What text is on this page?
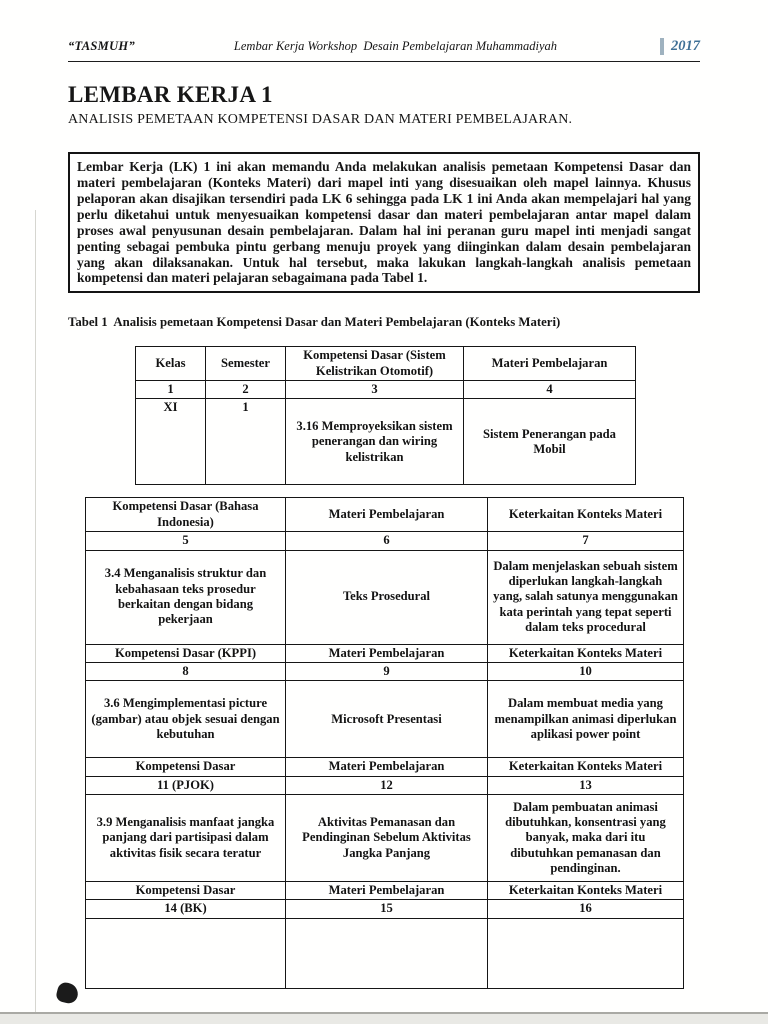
“TASMUH”	Lembar Kerja Workshop  Desain Pembelajaran Muhammadiyah	2017
LEMBAR KERJA 1
ANALISIS PEMETAAN KOMPETENSI DASAR DAN MATERI PEMBELAJARAN.
Lembar Kerja (LK) 1 ini akan memandu Anda melakukan analisis pemetaan Kompetensi Dasar dan materi pembelajaran (Konteks Materi) dari mapel inti yang disesuaikan oleh mapel lainnya. Khusus pelaporan akan disajikan tersendiri pada LK 6 sehingga pada LK 1 ini Anda akan mempelajari hal yang perlu diketahui untuk menyesuaikan kompetensi dasar dan materi pembelajaran antar mapel dalam proses awal penyusunan desain pembelajaran. Dalam hal ini peranan guru mapel inti menjadi sangat penting sebagai pembuka pintu gerbang menuju proyek yang diinginkan dalam desain pembelajaran yang akan dilaksanakan. Untuk hal tersebut, maka lakukan langkah-langkah analisis pemetaan kompetensi dan materi pelajaran sebagaimana pada Tabel 1.
Tabel 1  Analisis pemetaan Kompetensi Dasar dan Materi Pembelajaran (Konteks Materi)
Kelas	Semester	Kompetensi Dasar (Sistem Kelistrikan Otomotif)	Materi Pembelajaran
1	2	3	4
XI	1	3.16 Memproyeksikan sistem penerangan dan wiring kelistrikan	Sistem Penerangan pada Mobil
Kompetensi Dasar (Bahasa Indonesia)	Materi Pembelajaran	Keterkaitan Konteks Materi
5	6	7
3.4 Menganalisis struktur dan kebahasaan teks prosedur berkaitan dengan bidang pekerjaan	Teks Prosedural	Dalam menjelaskan sebuah sistem diperlukan langkah-langkah yang, salah satunya menggunakan kata perintah yang tepat seperti dalam teks procedural
Kompetensi Dasar (KPPI)	Materi Pembelajaran	Keterkaitan Konteks Materi
8	9	10
3.6 Mengimplementasi picture (gambar) atau objek sesuai dengan kebutuhan	Microsoft Presentasi	Dalam membuat media yang menampilkan animasi diperlukan aplikasi power point
Kompetensi Dasar	Materi Pembelajaran	Keterkaitan Konteks Materi
11 (PJOK)	12	13
3.9 Menganalisis manfaat jangka panjang dari partisipasi dalam aktivitas fisik secara teratur	Aktivitas Pemanasan dan Pendinginan Sebelum Aktivitas Jangka Panjang	Dalam pembuatan animasi dibutuhkan, konsentrasi yang banyak, maka dari itu dibutuhkan pemanasan dan pendinginan.
Kompetensi Dasar	Materi Pembelajaran	Keterkaitan Konteks Materi
14 (BK)	15	16
